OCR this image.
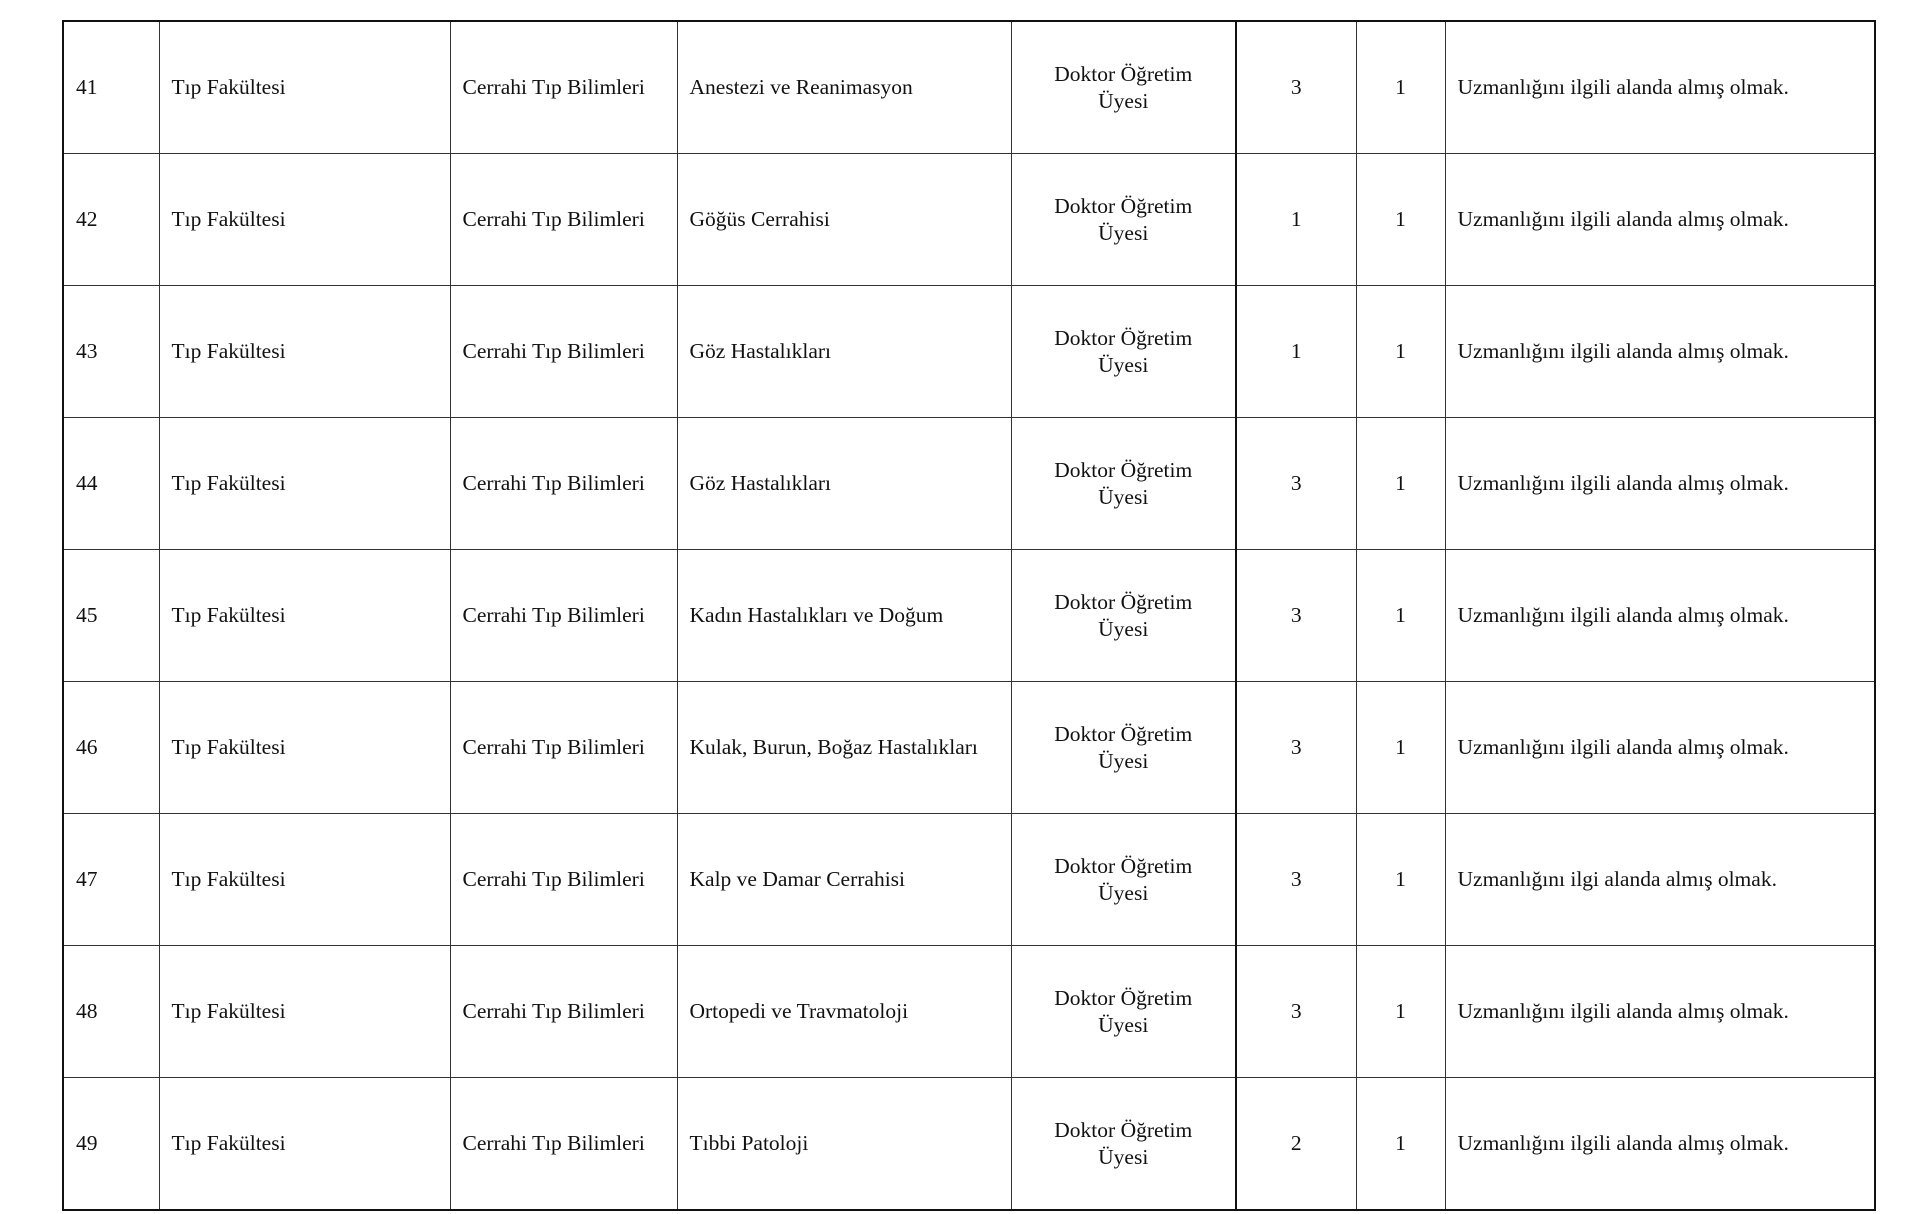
41	Tıp Fakültesi	Cerrahi Tıp Bilimleri	Anestezi ve Reanimasyon	Doktor Öğretim
Üyesi	3	1	Uzmanlığını ilgili alanda almış olmak.
42	Tıp Fakültesi	Cerrahi Tıp Bilimleri	Göğüs Cerrahisi	Doktor Öğretim
Üyesi	1	1	Uzmanlığını ilgili alanda almış olmak.
43	Tıp Fakültesi	Cerrahi Tıp Bilimleri	Göz Hastalıkları	Doktor Öğretim
Üyesi	1	1	Uzmanlığını ilgili alanda almış olmak.
44	Tıp Fakültesi	Cerrahi Tıp Bilimleri	Göz Hastalıkları	Doktor Öğretim
Üyesi	3	1	Uzmanlığını ilgili alanda almış olmak.
45	Tıp Fakültesi	Cerrahi Tıp Bilimleri	Kadın Hastalıkları ve Doğum	Doktor Öğretim
Üyesi	3	1	Uzmanlığını ilgili alanda almış olmak.
46	Tıp Fakültesi	Cerrahi Tıp Bilimleri	Kulak, Burun, Boğaz Hastalıkları	Doktor Öğretim
Üyesi	3	1	Uzmanlığını ilgili alanda almış olmak.
47	Tıp Fakültesi	Cerrahi Tıp Bilimleri	Kalp ve Damar Cerrahisi	Doktor Öğretim
Üyesi	3	1	Uzmanlığını ilgi alanda almış olmak.
48	Tıp Fakültesi	Cerrahi Tıp Bilimleri	Ortopedi ve Travmatoloji	Doktor Öğretim
Üyesi	3	1	Uzmanlığını ilgili alanda almış olmak.
49	Tıp Fakültesi	Cerrahi Tıp Bilimleri	Tıbbi Patoloji	Doktor Öğretim
Üyesi	2	1	Uzmanlığını ilgili alanda almış olmak.
